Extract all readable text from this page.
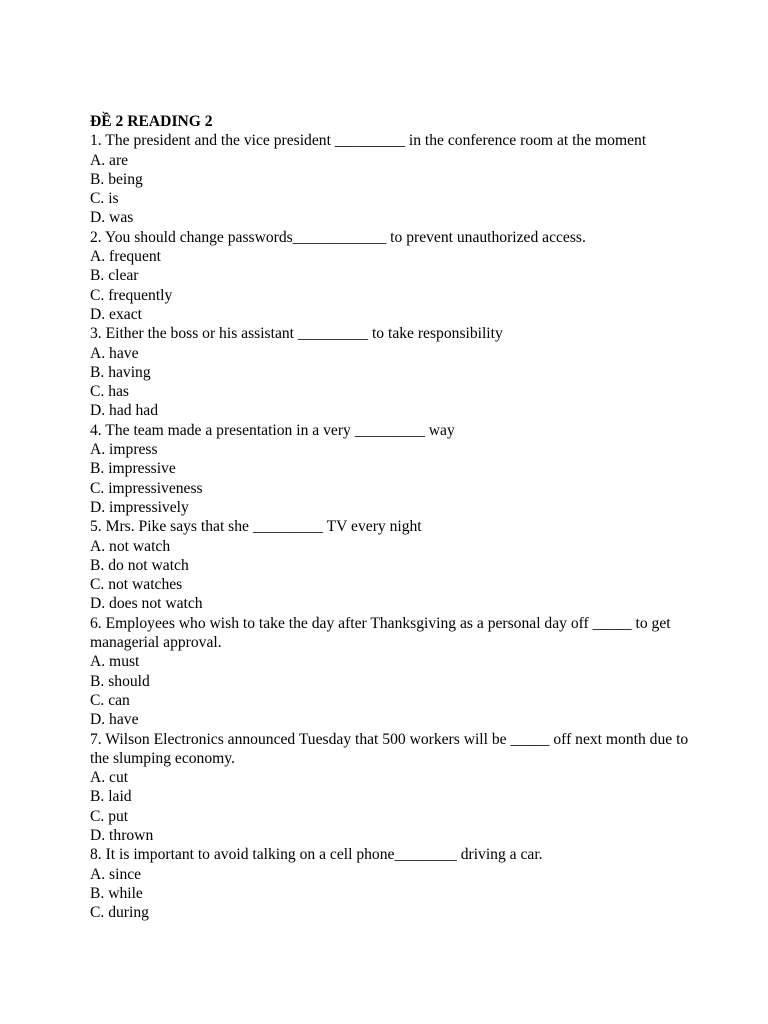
ĐỀ 2 READING 2

1. The president and the vice president _________ in the conference room at the moment

A. are
B. being
C. is
D. was

2. You should change passwords____________ to prevent unauthorized access.

A. frequent
B. clear
C. frequently
D. exact

3. Either the boss or his assistant _________ to take responsibility

A. have
B. having
C. has
D. had had

4. The team made a presentation in a very _________ way

A. impress
B. impressive
C. impressiveness
D. impressively

5. Mrs. Pike says that she _________ TV every night

A. not watch
B. do not watch
C. not watches
D. does not watch

6. Employees who wish to take the day after Thanksgiving as a personal day off _____ to get managerial approval.

A. must
B. should
C. can
D. have

7. Wilson Electronics announced Tuesday that 500 workers will be _____ off next month due to the slumping economy.

A. cut
B. laid
C. put
D. thrown

8. It is important to avoid talking on a cell phone________ driving a car.

A. since
B. while
C. during
